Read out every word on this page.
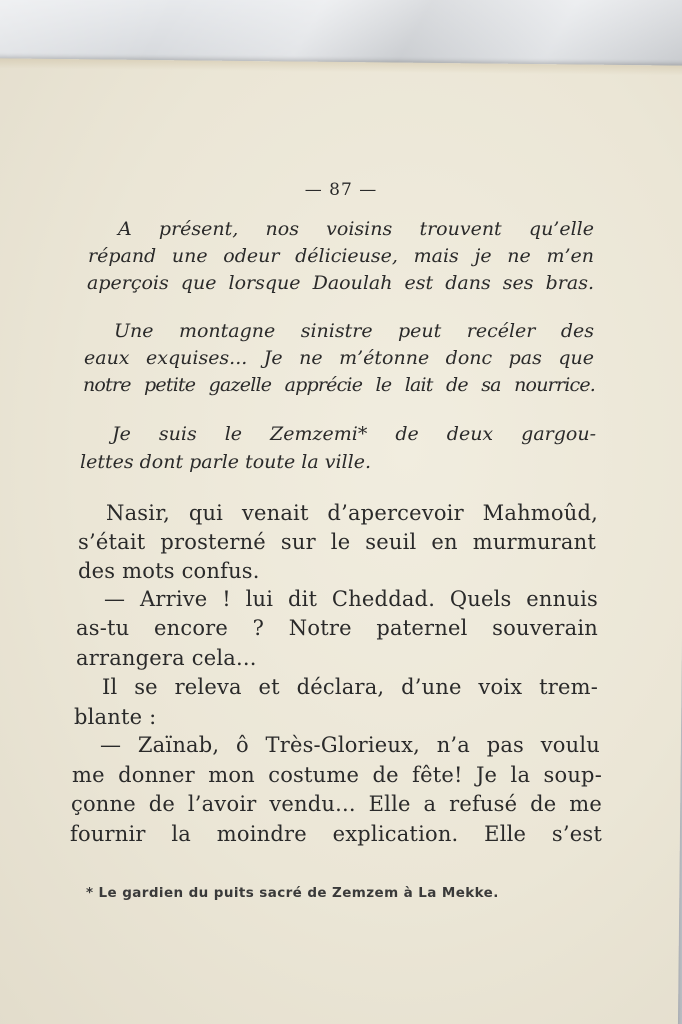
— 87 —
A présent, nos voisins trouvent qu’elle
répand une odeur délicieuse, mais je ne m’en
aperçois que lorsque Daoulah est dans ses bras.
Une montagne sinistre peut recéler des
eaux exquises... Je ne m’étonne donc pas que
notre petite gazelle apprécie le lait de sa nourrice.
Je suis le Zemzemi* de deux gargou-
lettes dont parle toute la ville.
Nasir, qui venait d’apercevoir Mahmoûd,
s’était prosterné sur le seuil en murmurant
des mots confus.
— Arrive ! lui dit Cheddad. Quels ennuis
as-tu encore ? Notre paternel souverain
arrangera cela...
Il se releva et déclara, d’une voix trem-
blante :
— Zaïnab, ô Très-Glorieux, n’a pas voulu
me donner mon costume de fête! Je la soup-
çonne de l’avoir vendu... Elle a refusé de me
fournir la moindre explication. Elle s’est
* Le gardien du puits sacré de Zemzem à La Mekke.
